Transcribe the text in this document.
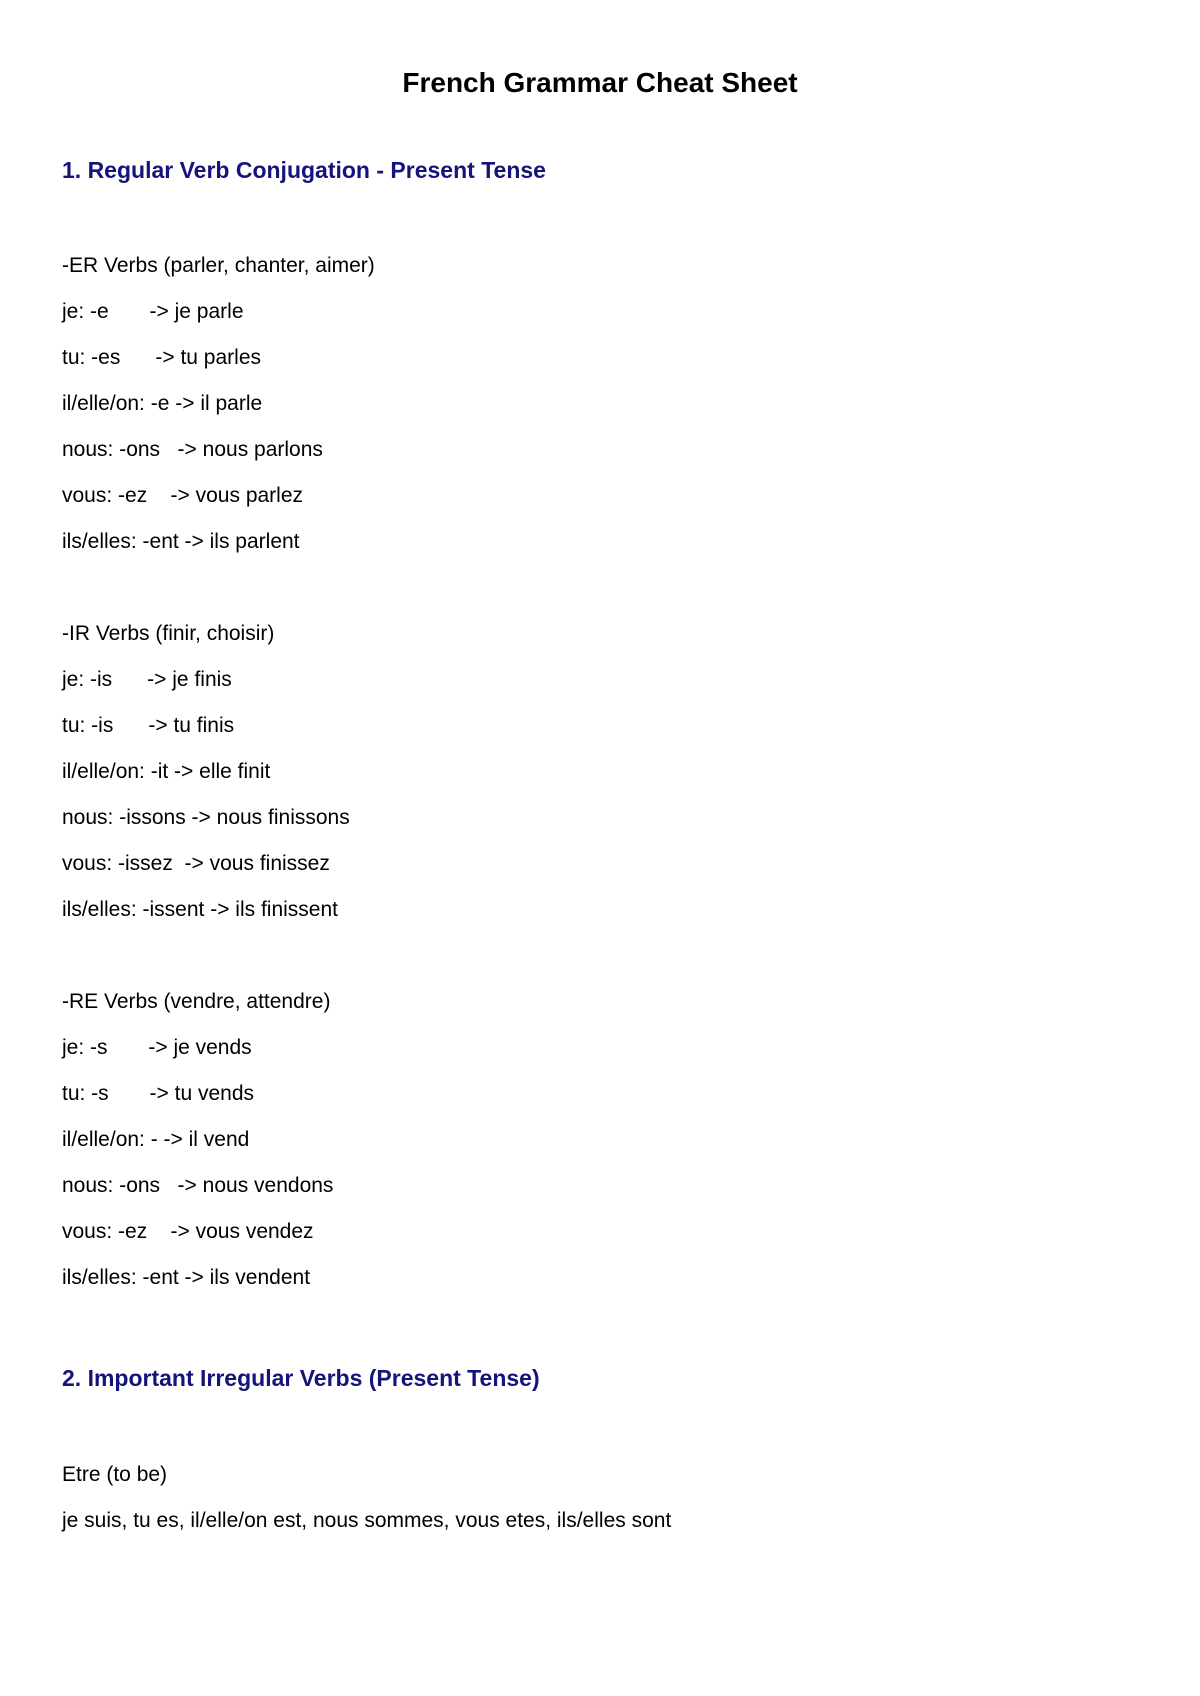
French Grammar Cheat Sheet
1. Regular Verb Conjugation - Present Tense
-ER Verbs (parler, chanter, aimer)
je: -e       -> je parle
tu: -es      -> tu parles
il/elle/on: -e -> il parle
nous: -ons   -> nous parlons
vous: -ez    -> vous parlez
ils/elles: -ent -> ils parlent
-IR Verbs (finir, choisir)
je: -is      -> je finis
tu: -is      -> tu finis
il/elle/on: -it -> elle finit
nous: -issons -> nous finissons
vous: -issez  -> vous finissez
ils/elles: -issent -> ils finissent
-RE Verbs (vendre, attendre)
je: -s       -> je vends
tu: -s       -> tu vends
il/elle/on: - -> il vend
nous: -ons   -> nous vendons
vous: -ez    -> vous vendez
ils/elles: -ent -> ils vendent
2. Important Irregular Verbs (Present Tense)
Etre (to be)
je suis, tu es, il/elle/on est, nous sommes, vous etes, ils/elles sont
